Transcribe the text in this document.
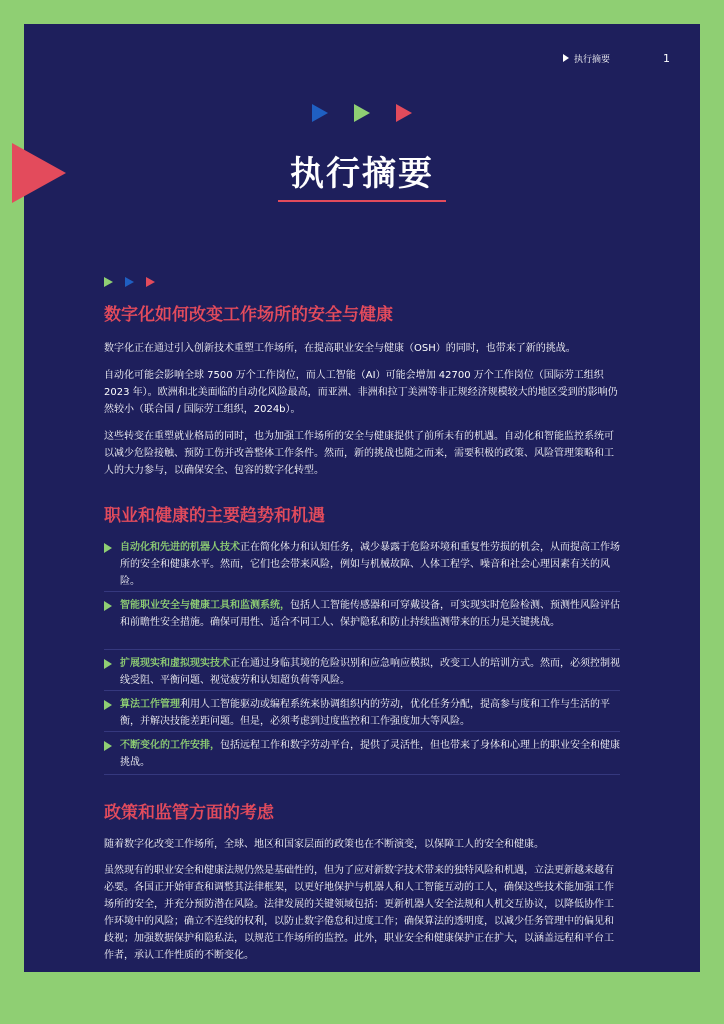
执行摘要	1
执行摘要
数字化如何改变工作场所的安全与健康

数字化正在通过引入创新技术重塑工作场所，在提高职业安全与健康（OSH）的同时，也带来了新的挑战。

自动化可能会影响全球 7500 万个工作岗位，而人工智能（AI）可能会增加 42700 万个工作岗位（国际劳工组织 2023 年）。欧洲和北美面临的自动化风险最高，而亚洲、非洲和拉丁美洲等非正规经济规模较大的地区受到的影响仍然较小（联合国 / 国际劳工组织，2024b）。

这些转变在重塑就业格局的同时，也为加强工作场所的安全与健康提供了前所未有的机遇。自动化和智能监控系统可以减少危险接触、预防工伤并改善整体工作条件。然而，新的挑战也随之而来，需要积极的政策、风险管理策略和工人的大力参与，以确保安全、包容的数字化转型。

职业和健康的主要趋势和机遇
自动化和先进的机器人技术正在简化体力和认知任务，减少暴露于危险环境和重复性劳损的机会，从而提高工作场所的安全和健康水平。然而，它们也会带来风险，例如与机械故障、人体工程学、噪音和社会心理因素有关的风险。
智能职业安全与健康工具和监测系统，包括人工智能传感器和可穿戴设备，可实现实时危险检测、预测性风险评估和前瞻性安全措施。确保可用性、适合不同工人、保护隐私和防止持续监测带来的压力是关键挑战。
扩展现实和虚拟现实技术正在通过身临其境的危险识别和应急响应模拟，改变工人的培训方式。然而，必须控制视线受阻、平衡问题、视觉疲劳和认知超负荷等风险。
算法工作管理利用人工智能驱动或编程系统来协调组织内的劳动，优化任务分配，提高参与度和工作与生活的平衡，并解决技能差距问题。但是，必须考虑到过度监控和工作强度加大等风险。
不断变化的工作安排，包括远程工作和数字劳动平台，提供了灵活性，但也带来了身体和心理上的职业安全和健康挑战。
政策和监管方面的考虑

随着数字化改变工作场所，全球、地区和国家层面的政策也在不断演变，以保障工人的安全和健康。

虽然现有的职业安全和健康法规仍然是基础性的，但为了应对新数字技术带来的独特风险和机遇，立法更新越来越有必要。各国正开始审查和调整其法律框架，以更好地保护与机器人和人工智能互动的工人，确保这些技术能加强工作场所的安全，并充分预防潜在风险。法律发展的关键领域包括：更新机器人安全法规和人机交互协议，以降低协作工作环境中的风险；确立不连线的权利，以防止数字倦怠和过度工作；确保算法的透明度，以减少任务管理中的偏见和歧视；加强数据保护和隐私法，以规范工作场所的监控。此外，职业安全和健康保护正在扩大，以涵盖远程和平台工作者，承认工作性质的不断变化。
